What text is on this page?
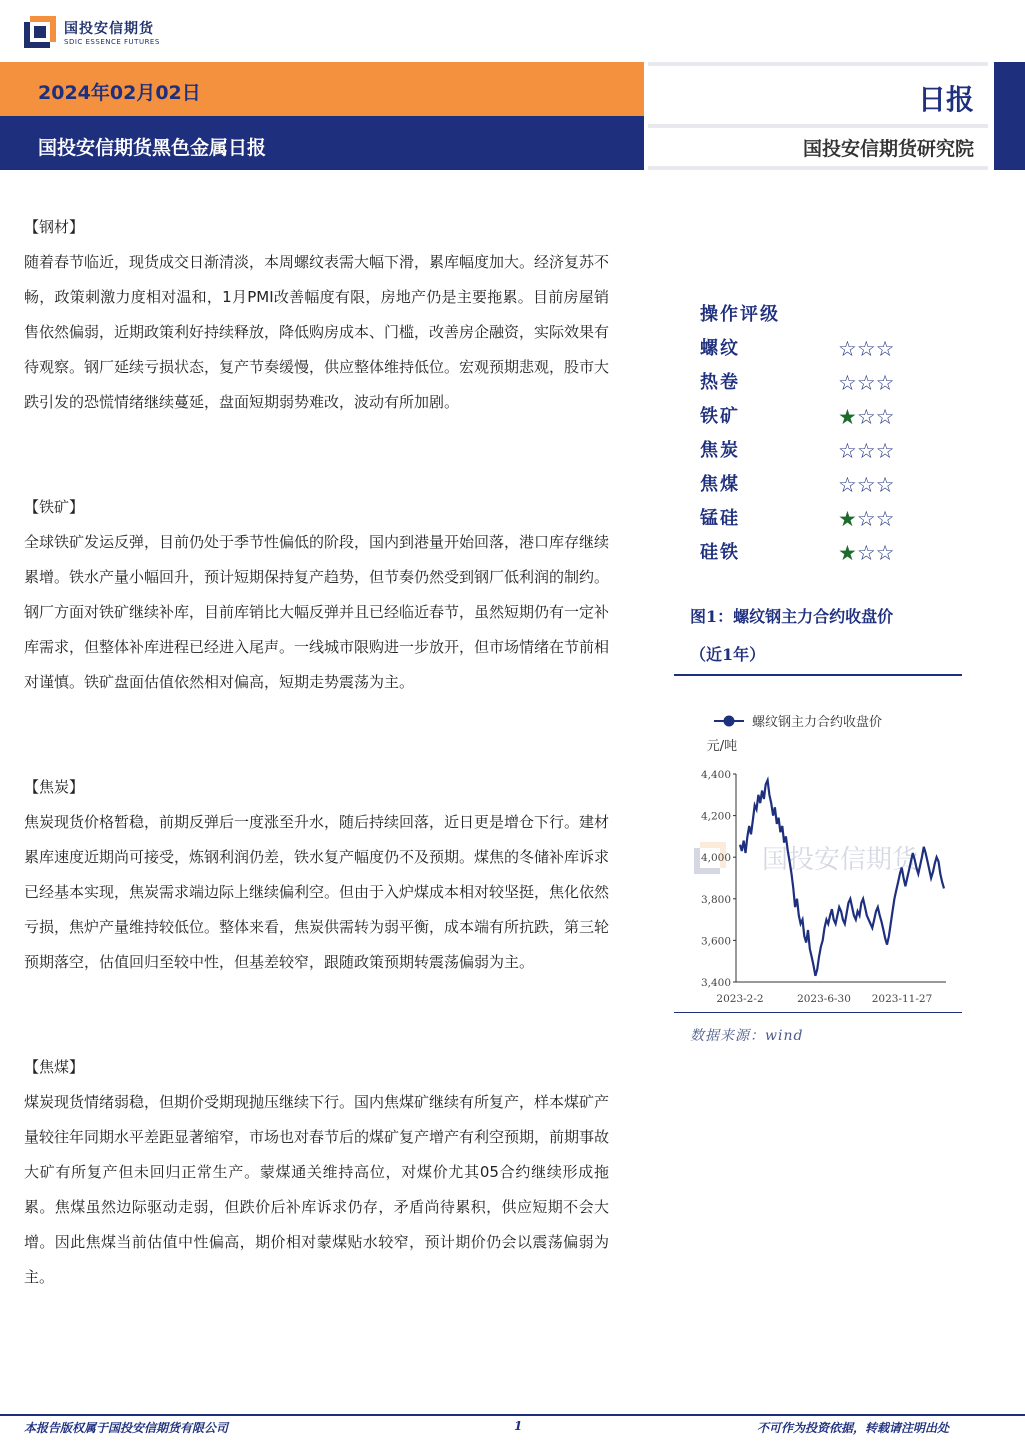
国投安信期货
SDIC ESSENCE FUTURES
2024年02月02日
国投安信期货黑色金属日报
日报
国投安信期货研究院
【钢材】
随着春节临近，现货成交日渐清淡，本周螺纹表需大幅下滑，累库幅度加大。经济复苏不畅，政策刺激力度相对温和，1月PMI改善幅度有限，房地产仍是主要拖累。目前房屋销售依然偏弱，近期政策利好持续释放，降低购房成本、门槛，改善房企融资，实际效果有待观察。钢厂延续亏损状态，复产节奏缓慢，供应整体维持低位。宏观预期悲观，股市大跌引发的恐慌情绪继续蔓延，盘面短期弱势难改，波动有所加剧。
【铁矿】
全球铁矿发运反弹，目前仍处于季节性偏低的阶段，国内到港量开始回落，港口库存继续累增。铁水产量小幅回升，预计短期保持复产趋势，但节奏仍然受到钢厂低利润的制约。钢厂方面对铁矿继续补库，目前库销比大幅反弹并且已经临近春节，虽然短期仍有一定补库需求，但整体补库进程已经进入尾声。一线城市限购进一步放开，但市场情绪在节前相对谨慎。铁矿盘面估值依然相对偏高，短期走势震荡为主。
【焦炭】
焦炭现货价格暂稳，前期反弹后一度涨至升水，随后持续回落，近日更是增仓下行。建材累库速度近期尚可接受，炼钢利润仍差，铁水复产幅度仍不及预期。煤焦的冬储补库诉求已经基本实现，焦炭需求端边际上继续偏利空。但由于入炉煤成本相对较坚挺，焦化依然亏损，焦炉产量维持较低位。整体来看，焦炭供需转为弱平衡，成本端有所抗跌，第三轮预期落空，估值回归至较中性，但基差较窄，跟随政策预期转震荡偏弱为主。
【焦煤】
煤炭现货情绪弱稳，但期价受期现抛压继续下行。国内焦煤矿继续有所复产，样本煤矿产量较往年同期水平差距显著缩窄，市场也对春节后的煤矿复产增产有利空预期，前期事故大矿有所复产但未回归正常生产。蒙煤通关维持高位，对煤价尤其05合约继续形成拖累。焦煤虽然边际驱动走弱，但跌价后补库诉求仍存，矛盾尚待累积，供应短期不会大增。因此焦煤当前估值中性偏高，期价相对蒙煤贴水较窄，预计期价仍会以震荡偏弱为主。
操作评级
螺纹	☆☆☆
热卷	☆☆☆
铁矿	★☆☆
焦炭	☆☆☆
焦煤	☆☆☆
锰硅	★☆☆
硅铁	★☆☆
图1：螺纹钢主力合约收盘价
（近1年）
国投安信期货
螺纹钢主力合约收盘价
元/吨
3,400
3,600
3,800
4,000
4,200
4,400
2023-2-2	2023-6-30 2023-11-27
数据来源：wind
本报告版权属于国投安信期货有限公司	1	不可作为投资依据，转载请注明出处
